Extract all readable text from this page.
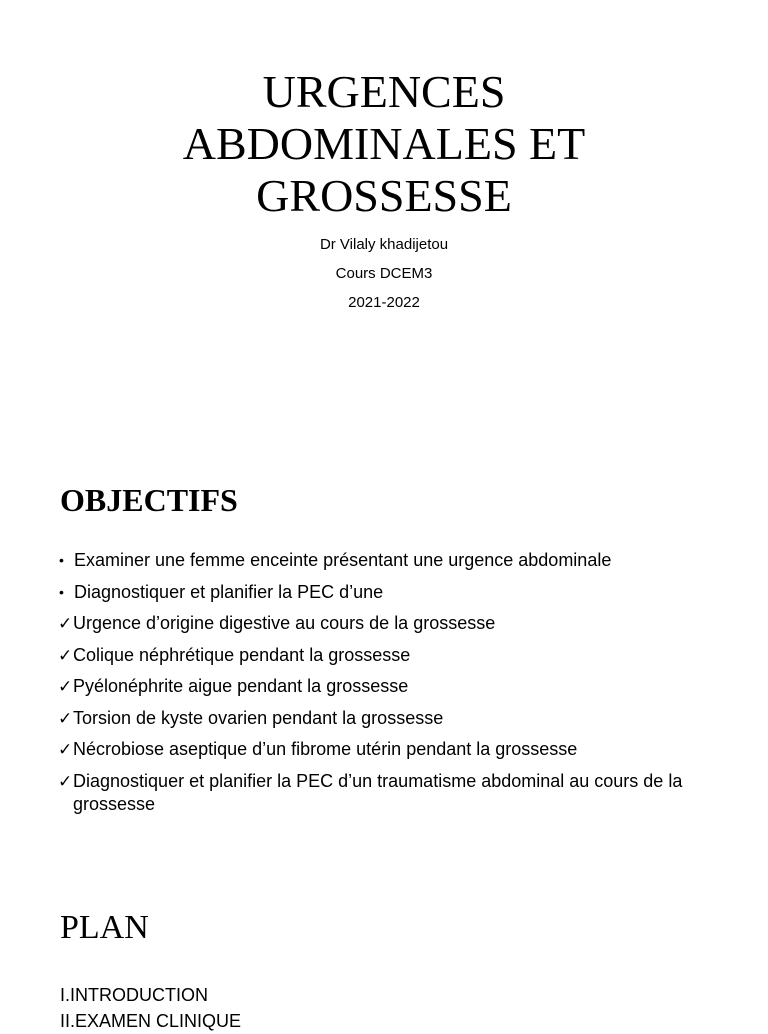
URGENCES
ABDOMINALES ET
GROSSESSE
Dr Vilaly khadijetou
Cours DCEM3
2021-2022
OBJECTIFS
• Examiner une femme enceinte présentant une urgence abdominale
• Diagnostiquer et planifier la PEC d’une
✓ Urgence d’origine digestive au cours de la grossesse
✓ Colique néphrétique pendant la grossesse
✓ Pyélonéphrite aigue pendant la grossesse
✓ Torsion de kyste ovarien pendant la grossesse
✓ Nécrobiose aseptique d’un fibrome utérin pendant la grossesse
✓ Diagnostiquer et planifier la PEC d’un traumatisme abdominal au cours de la grossesse
PLAN
I.INTRODUCTION
II.EXAMEN CLINIQUE
